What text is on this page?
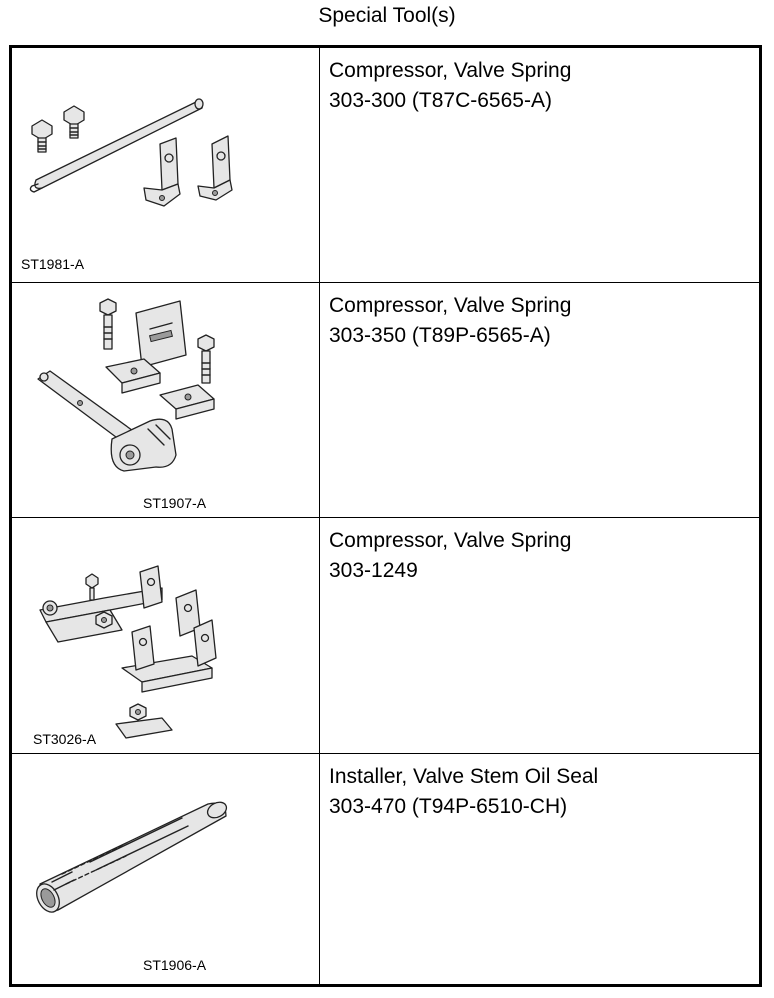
Special Tool(s)
ST1981-A
Compressor, Valve Spring
303-300 (T87C-6565-A)
ST1907-A
Compressor, Valve Spring
303-350 (T89P-6565-A)
ST3026-A
Compressor, Valve Spring
303-1249
ST1906-A
Installer, Valve Stem Oil Seal
303-470 (T94P-6510-CH)
